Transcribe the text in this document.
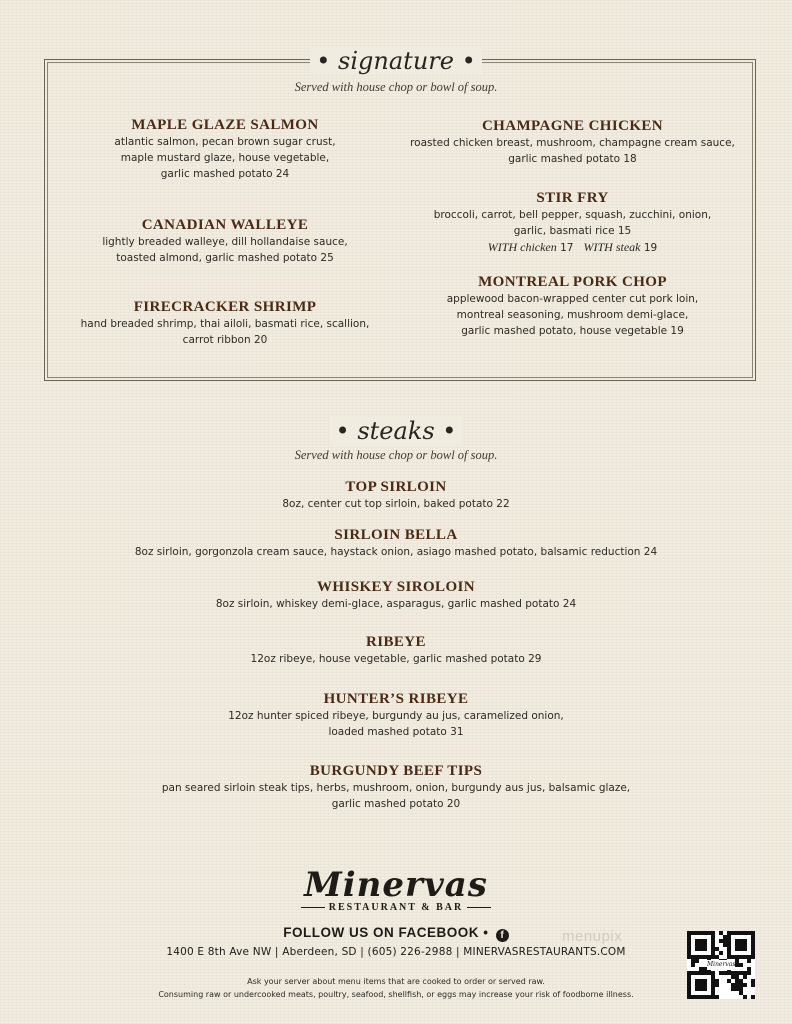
• signature •
Served with house chop or bowl of soup.
MAPLE GLAZE SALMON
atlantic salmon, pecan brown sugar crust,
maple mustard glaze, house vegetable,
garlic mashed potato 24
CANADIAN WALLEYE
lightly breaded walleye, dill hollandaise sauce,
toasted almond, garlic mashed potato 25
FIRECRACKER SHRIMP
hand breaded shrimp, thai ailoli, basmati rice, scallion,
carrot ribbon 20
CHAMPAGNE CHICKEN
roasted chicken breast, mushroom, champagne cream sauce,
garlic mashed potato 18
STIR FRY
broccoli, carrot, bell pepper, squash, zucchini, onion,
garlic, basmati rice 15
WITH chicken 17 WITH steak 19
MONTREAL PORK CHOP
applewood bacon-wrapped center cut pork loin,
montreal seasoning, mushroom demi-glace,
garlic mashed potato, house vegetable 19
• steaks •
Served with house chop or bowl of soup.
TOP SIRLOIN
8oz, center cut top sirloin, baked potato 22
SIRLOIN BELLA
8oz sirloin, gorgonzola cream sauce, haystack onion, asiago mashed potato, balsamic reduction 24
WHISKEY SIROLOIN
8oz sirloin, whiskey demi-glace, asparagus, garlic mashed potato 24
RIBEYE
12oz ribeye, house vegetable, garlic mashed potato 29
HUNTER’S RIBEYE
12oz hunter spiced ribeye, burgundy au jus, caramelized onion,
loaded mashed potato 31
BURGUNDY BEEF TIPS
pan seared sirloin steak tips, herbs, mushroom, onion, burgundy aus jus, balsamic glaze,
garlic mashed potato 20
Minervas
RESTAURANT & BAR
FOLLOW US ON FACEBOOK • f
1400 E 8th Ave NW | Aberdeen, SD | (605) 226-2988 | MINERVASRESTAURANTS.COM
Ask your server about menu items that are cooked to order or served raw.
Consuming raw or undercooked meats, poultry, seafood, shellfish, or eggs may increase your risk of foodborne illness.
menupix
Minervas
